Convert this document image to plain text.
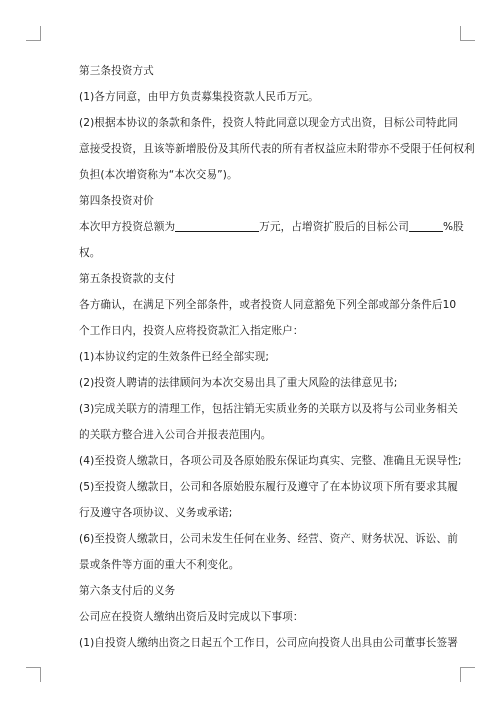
第三条投资方式

(1)各方同意，由甲方负责募集投资款人民币万元。

(2)根据本协议的条款和条件，投资人特此同意以现金方式出资，目标公司特此同

意接受投资，且该等新增股份及其所代表的所有者权益应未附带亦不受限于任何权利

负担(本次增资称为“本次交易”)。

第四条投资对价

本次甲方投资总额为	万元，占增资扩股后的目标公司	%股

权。

第五条投资款的支付

各方确认，在满足下列全部条件，或者投资人同意豁免下列全部或部分条件后10

个工作日内，投资人应将投资款汇入指定账户：

(1)本协议约定的生效条件已经全部实现;

(2)投资人聘请的法律顾问为本次交易出具了重大风险的法律意见书;

(3)完成关联方的清理工作，包括注销无实质业务的关联方以及将与公司业务相关

的关联方整合进入公司合并报表范围内。

(4)至投资人缴款日，各项公司及各原始股东保证均真实、完整、准确且无误导性;

(5)至投资人缴款日，公司和各原始股东履行及遵守了在本协议项下所有要求其履

行及遵守各项协议、义务或承诺;

(6)至投资人缴款日，公司未发生任何在业务、经营、资产、财务状况、诉讼、前

景或条件等方面的重大不利变化。

第六条支付后的义务

公司应在投资人缴纳出资后及时完成以下事项：

(1)自投资人缴纳出资之日起五个工作日，公司应向投资人出具由公司董事长签署
